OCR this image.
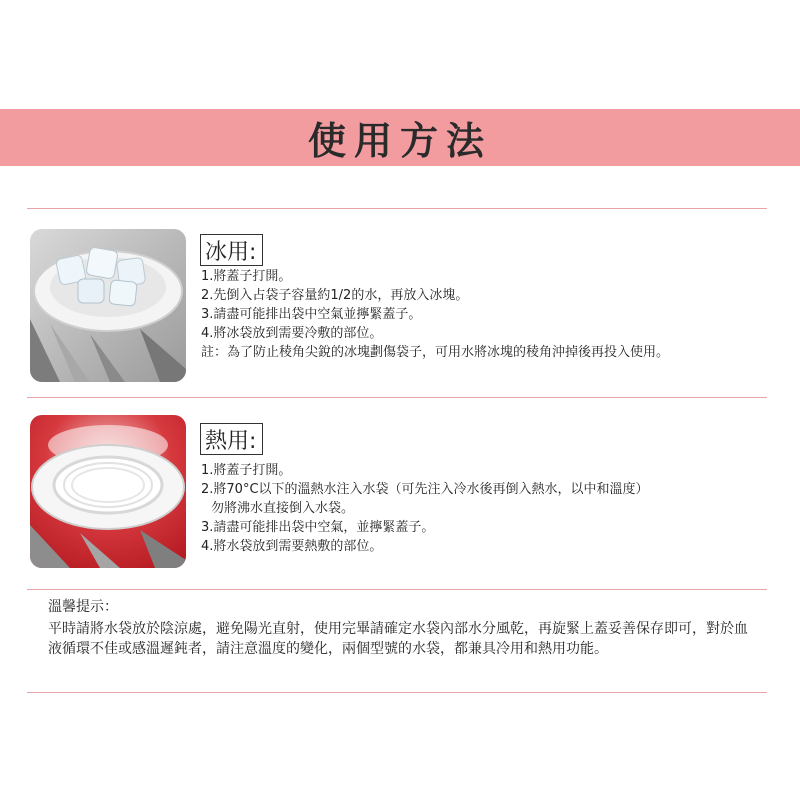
使用方法
冰用:
1.將蓋子打開。
2.先倒入占袋子容量約1/2的水，再放入冰塊。
3.請盡可能排出袋中空氣並擰緊蓋子。
4.將冰袋放到需要冷敷的部位。
註：為了防止稜角尖銳的冰塊劃傷袋子，可用水將冰塊的稜角沖掉後再投入使用。
熱用:
1.將蓋子打開。
2.將70°C以下的溫熱水注入水袋（可先注入冷水後再倒入熱水，以中和溫度）
勿將沸水直接倒入水袋。
3.請盡可能排出袋中空氣，並擰緊蓋子。
4.將水袋放到需要熱敷的部位。
溫馨提示：
平時請將水袋放於陰涼處，避免陽光直射，使用完畢請確定水袋內部水分風乾，再旋緊上蓋妥善保存即可，對於血液循環不佳或感溫遲鈍者，請注意溫度的變化，兩個型號的水袋，都兼具冷用和熱用功能。
